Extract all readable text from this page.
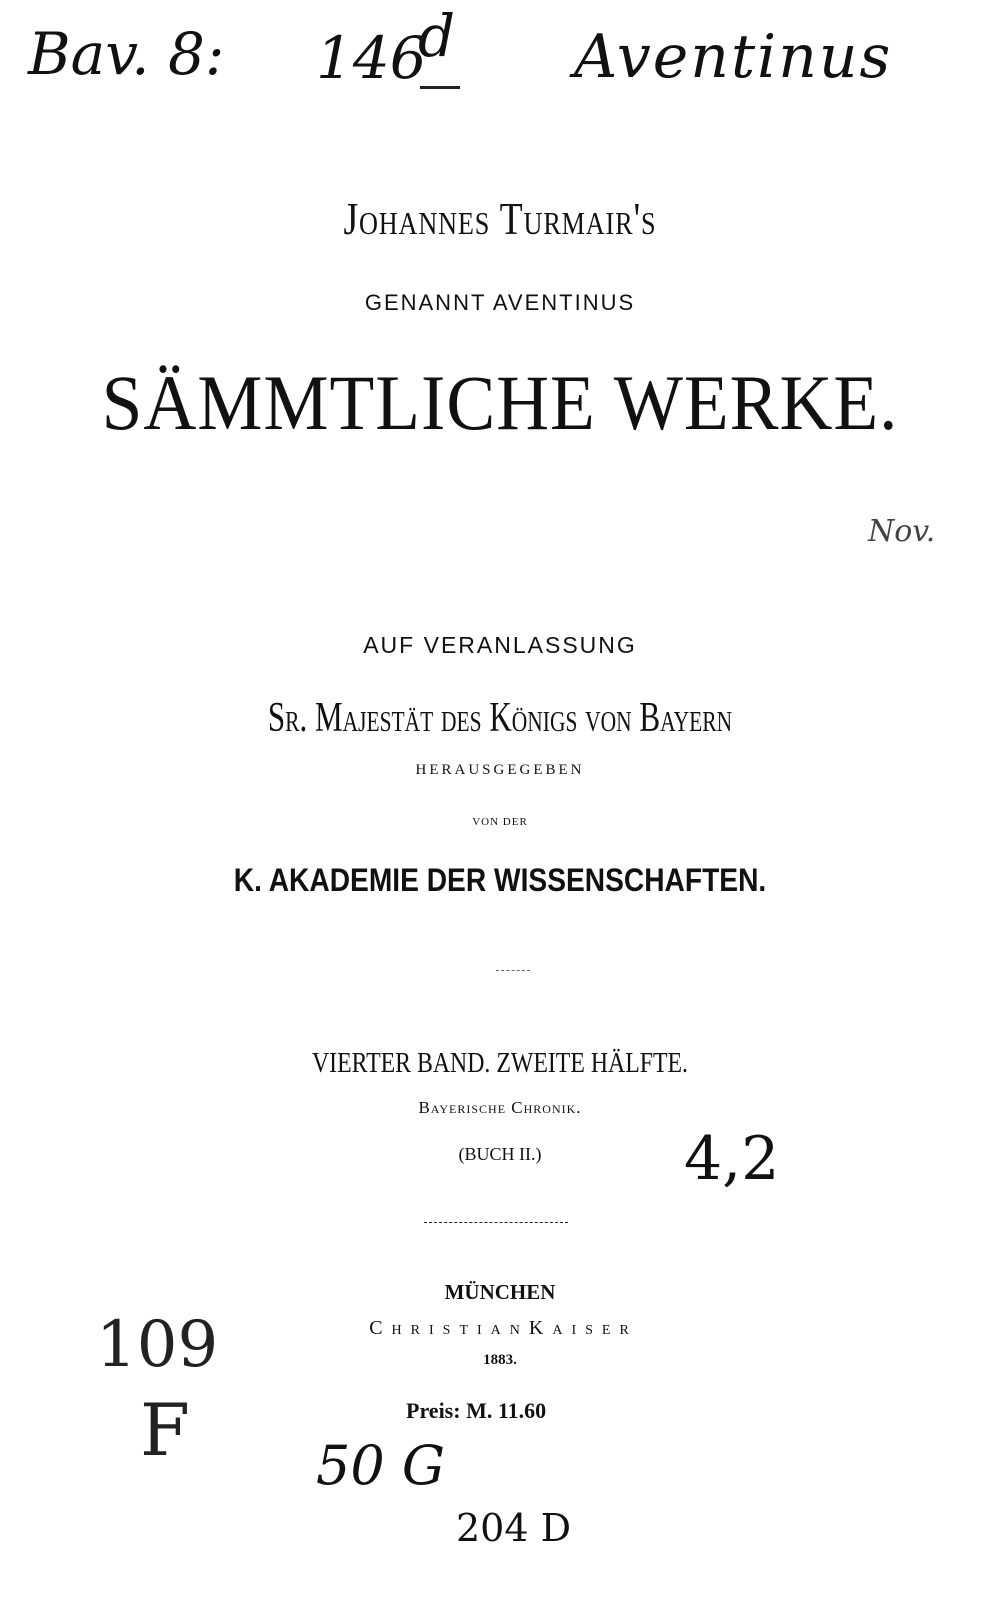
Bav. 8: 146
d Aventinus
Nov.
Johannes Turmair's
GENANNT AVENTINUS
SÄMMTLICHE WERKE.
AUF VERANLASSUNG
Sr. Majestät des Königs von Bayern
HERAUSGEGEBEN
VON DER
K. AKADEMIE DER WISSENSCHAFTEN.
VIERTER BAND. ZWEITE HÄLFTE.
Bayerische Chronik.
(BUCH II.)	4,2
MÜNCHEN
C h r i s t i a n K a i s e r
1883.
Preis: M. 11.60
109
F 50 G
204 D
